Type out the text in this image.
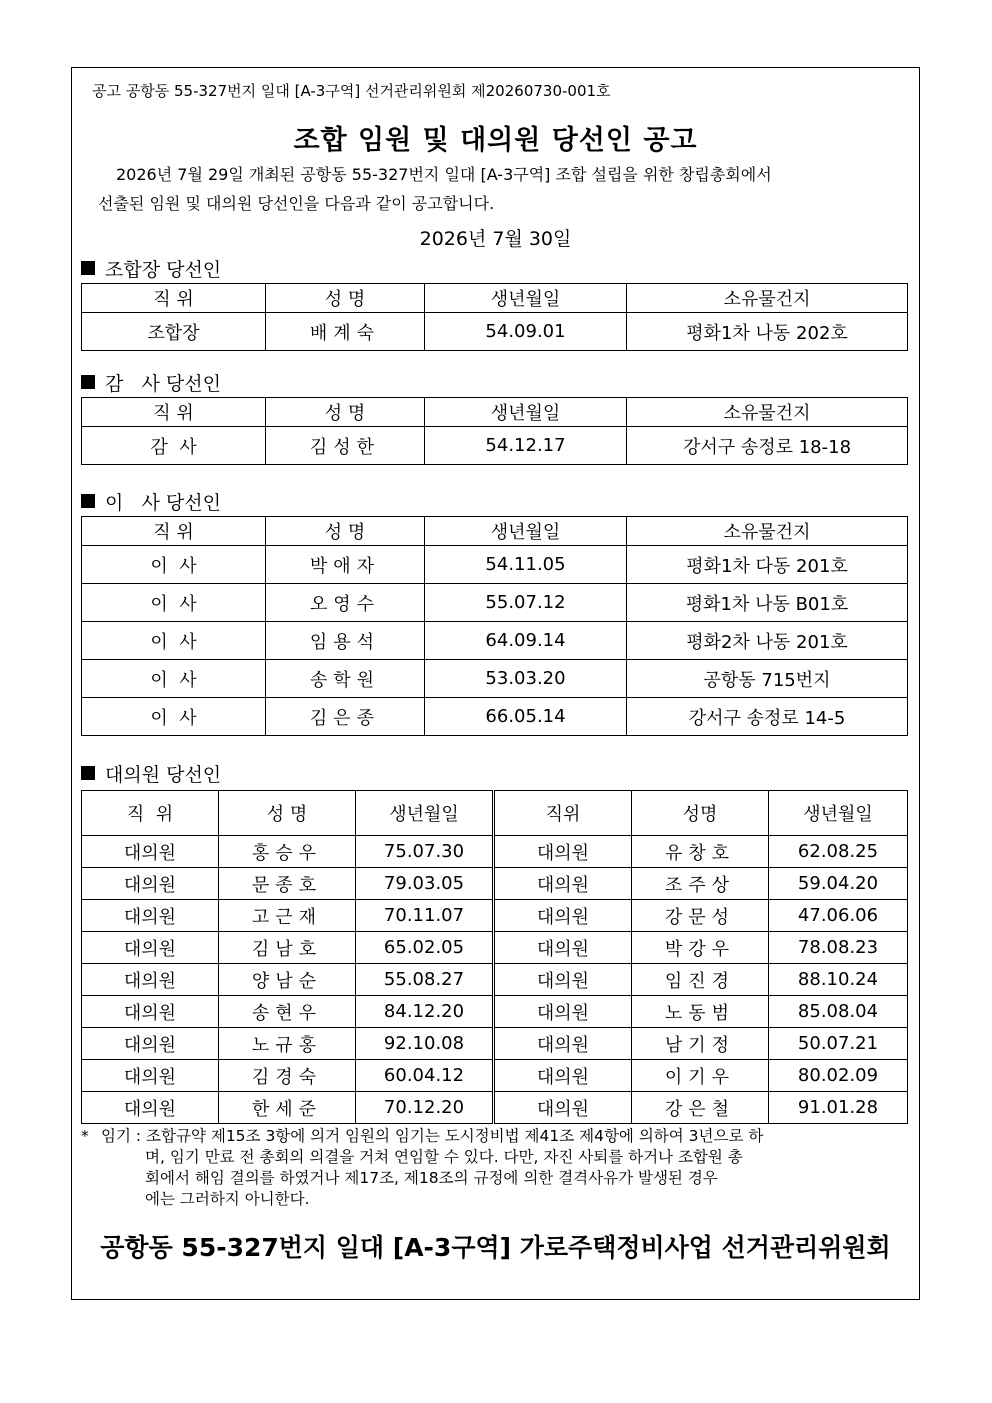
공고 공항동 55-327번지 일대 [A-3구역] 선거관리위원회 제20260730-001호
조합 임원 및 대의원 당선인 공고
2026년 7월 29일 개최된 공항동 55-327번지 일대 [A-3구역] 조합 설립을 위한 창립총회에서
선출된 임원 및 대의원 당선인을 다음과 같이 공고합니다.
2026년 7월 30일
조합장 당선인
직 위	성 명	생년월일	소유물건지
조합장	배계숙	54.09.01	평화1차 나동 202호
감   사 당선인
직 위	성 명	생년월일	소유물건지
감  사	김성한	54.12.17	강서구 송정로 18-18
이   사 당선인
직 위	성 명	생년월일	소유물건지
이  사	박애자	54.11.05	평화1차 다동 201호
이  사	오영수	55.07.12	평화1차 나동 B01호
이  사	임용석	64.09.14	평화2차 나동 201호
이  사	송학원	53.03.20	공항동 715번지
이  사	김은종	66.05.14	강서구 송정로 14-5
대의원 당선인
직  위	성 명	생년월일	직위	성명	생년월일
대의원	홍승우	75.07.30	대의원	유창호	62.08.25
대의원	문종호	79.03.05	대의원	조주상	59.04.20
대의원	고근재	70.11.07	대의원	강문성	47.06.06
대의원	김남호	65.02.05	대의원	박강우	78.08.23
대의원	양남순	55.08.27	대의원	임진경	88.10.24
대의원	송현우	84.12.20	대의원	노동범	85.08.04
대의원	노규홍	92.10.08	대의원	남기정	50.07.21
대의원	김경숙	60.04.12	대의원	이기우	80.02.09
대의원	한세준	70.12.20	대의원	강은철	91.01.28
* 임기 : 조합규약 제15조 3항에 의거 임원의 임기는 도시정비법 제41조 제4항에 의하여 3년으로 하
며, 임기 만료 전 총회의 의결을 거쳐 연임할 수 있다. 다만, 자진 사퇴를 하거나 조합원 총
회에서 해임 결의를 하였거나 제17조, 제18조의 규정에 의한 결격사유가 발생된 경우
에는 그러하지 아니한다.
공항동 55-327번지 일대 [A-3구역] 가로주택정비사업 선거관리위원회
